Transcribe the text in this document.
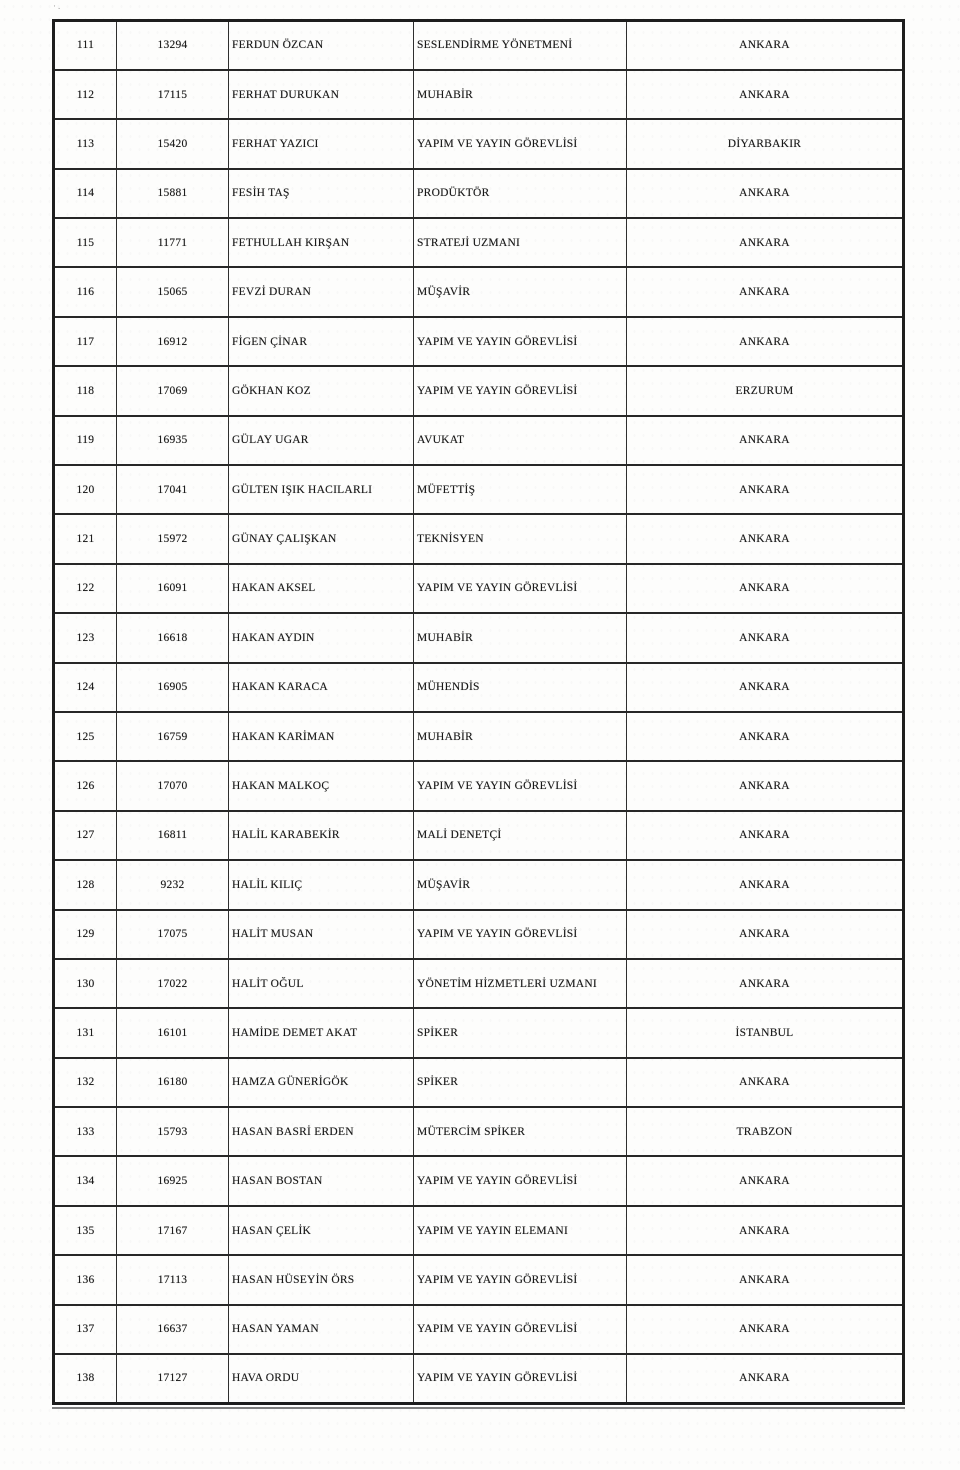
·.
111	13294	FERDUN ÖZCAN	SESLENDİRME YÖNETMENİ	ANKARA
112	17115	FERHAT DURUKAN	MUHABİR	ANKARA
113	15420	FERHAT YAZICI	YAPIM VE YAYIN GÖREVLİSİ	DİYARBAKIR
114	15881	FESİH TAŞ	PRODÜKTÖR	ANKARA
115	11771	FETHULLAH KIRŞAN	STRATEJİ UZMANI	ANKARA
116	15065	FEVZİ DURAN	MÜŞAVİR	ANKARA
117	16912	FİGEN ÇİNAR	YAPIM VE YAYIN GÖREVLİSİ	ANKARA
118	17069	GÖKHAN KOZ	YAPIM VE YAYIN GÖREVLİSİ	ERZURUM
119	16935	GÜLAY UGAR	AVUKAT	ANKARA
120	17041	GÜLTEN IŞIK HACILARLI	MÜFETTİŞ	ANKARA
121	15972	GÜNAY ÇALIŞKAN	TEKNİSYEN	ANKARA
122	16091	HAKAN AKSEL	YAPIM VE YAYIN GÖREVLİSİ	ANKARA
123	16618	HAKAN AYDIN	MUHABİR	ANKARA
124	16905	HAKAN KARACA	MÜHENDİS	ANKARA
125	16759	HAKAN KARİMAN	MUHABİR	ANKARA
126	17070	HAKAN MALKOÇ	YAPIM VE YAYIN GÖREVLİSİ	ANKARA
127	16811	HALİL KARABEKİR	MALİ DENETÇİ	ANKARA
128	9232	HALİL KILIÇ	MÜŞAVİR	ANKARA
129	17075	HALİT MUSAN	YAPIM VE YAYIN GÖREVLİSİ	ANKARA
130	17022	HALİT OĞUL	YÖNETİM HİZMETLERİ UZMANI	ANKARA
131	16101	HAMİDE DEMET AKAT	SPİKER	İSTANBUL
132	16180	HAMZA GÜNERİGÖK	SPİKER	ANKARA
133	15793	HASAN BASRİ ERDEN	MÜTERCİM SPİKER	TRABZON
134	16925	HASAN BOSTAN	YAPIM VE YAYIN GÖREVLİSİ	ANKARA
135	17167	HASAN ÇELİK	YAPIM VE YAYIN ELEMANI	ANKARA
136	17113	HASAN HÜSEYİN ÖRS	YAPIM VE YAYIN GÖREVLİSİ	ANKARA
137	16637	HASAN YAMAN	YAPIM VE YAYIN GÖREVLİSİ	ANKARA
138	17127	HAVA ORDU	YAPIM VE YAYIN GÖREVLİSİ	ANKARA
